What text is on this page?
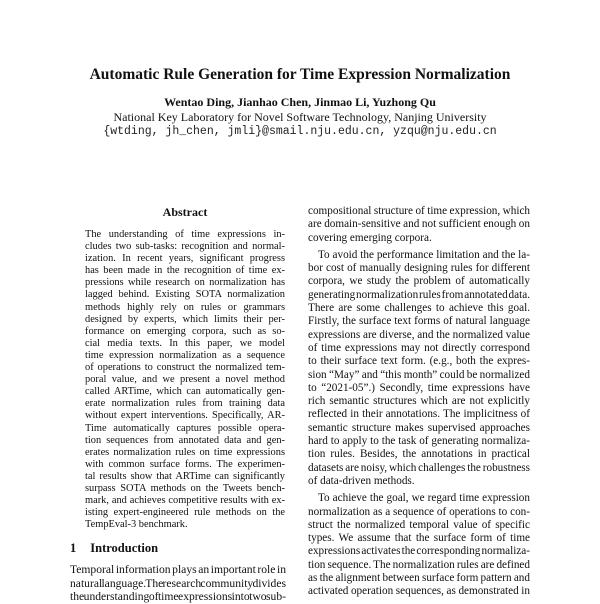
Automatic Rule Generation for Time Expression Normalization
Wentao Ding, Jianhao Chen, Jinmao Li, Yuzhong Qu
National Key Laboratory for Novel Software Technology, Nanjing University
{wtding, jh_chen, jmli}@smail.nju.edu.cn, yzqu@nju.edu.cn
Abstract
The understanding of time expressions in-
cludes two sub-tasks: recognition and normal-
ization. In recent years, significant progress
has been made in the recognition of time ex-
pressions while research on normalization has
lagged behind. Existing SOTA normalization
methods highly rely on rules or grammars
designed by experts, which limits their per-
formance on emerging corpora, such as so-
cial media texts. In this paper, we model
time expression normalization as a sequence
of operations to construct the normalized tem-
poral value, and we present a novel method
called ARTime, which can automatically gen-
erate normalization rules from training data
without expert interventions. Specifically, AR-
Time automatically captures possible opera-
tion sequences from annotated data and gen-
erates normalization rules on time expressions
with common surface forms. The experimen-
tal results show that ARTime can significantly
surpass SOTA methods on the Tweets bench-
mark, and achieves competitive results with ex-
isting expert-engineered rule methods on the
TempEval-3 benchmark.
1 Introduction
Temporal information plays an important role in
natural language. The research community divides
the understanding of time expressions into two sub-
compositional structure of time expression, which
are domain-sensitive and not sufficient enough on
covering emerging corpora.
To avoid the performance limitation and the la-
bor cost of manually designing rules for different
corpora, we study the problem of automatically
generating normalization rules from annotated data.
There are some challenges to achieve this goal.
Firstly, the surface text forms of natural language
expressions are diverse, and the normalized value
of time expressions may not directly correspond
to their surface text form. (e.g., both the expres-
sion “May” and “this month” could be normalized
to “2021-05”.) Secondly, time expressions have
rich semantic structures which are not explicitly
reflected in their annotations. The implicitness of
semantic structure makes supervised approaches
hard to apply to the task of generating normaliza-
tion rules. Besides, the annotations in practical
datasets are noisy, which challenges the robustness
of data-driven methods.
To achieve the goal, we regard time expression
normalization as a sequence of operations to con-
struct the normalized temporal value of specific
types. We assume that the surface form of time
expressions activates the corresponding normaliza-
tion sequence. The normalization rules are defined
as the alignment between surface form pattern and
activated operation sequences, as demonstrated in
